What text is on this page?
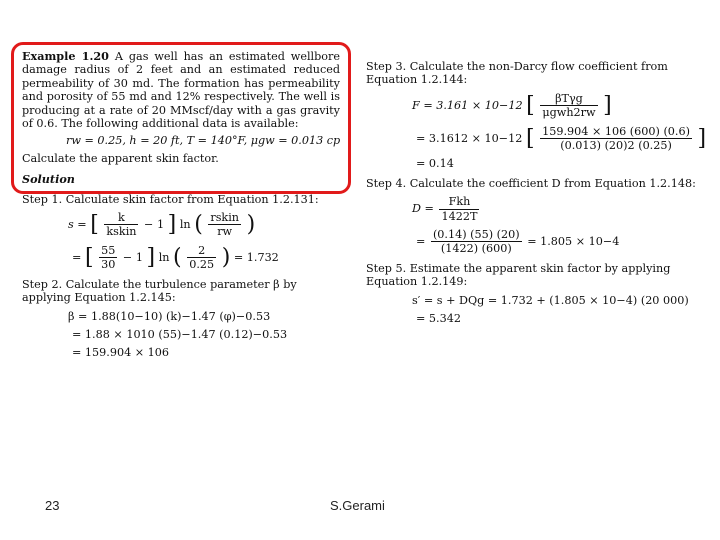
Example 1.20 A gas well has an estimated wellbore damage radius of 2 feet and an estimated reduced permeability of 30 md. The formation has permeability and porosity of 55 md and 12% respectively. The well is producing at a rate of 20 MMscf/day with a gas gravity of 0.6. The following additional data is available:

rw = 0.25, h = 20 ft, T = 140°F, μgw = 0.013 cp
Calculate the apparent skin factor.
Solution
Step 1. Calculate skin factor from Equation 1.2.131:
s = [ $\frac{k}{\text{kskin}} - 1$ ] ln ( $\frac{\text{rskin}}{rw}$ )
= [ $\frac{55}{30} - 1$ ] ln ( $\frac{2}{0.25}$ ) = 1.732
Step 2. Calculate the turbulence parameter β by applying Equation 1.2.145:
β = 1.88(10−10) (k)−1.47 (φ)−0.53
= 1.88 × 1010 (55)−1.47 (0.12)−0.53
= 159.904 × 106
Step 3. Calculate the non-Darcy flow coefficient from Equation 1.2.144:
F = 3.161 × 10−12 [ $\frac{\text{βTγg}}{\text{μgwh2rw}}$ ]
= 3.1612 × 10−12 [ $\frac{159.904 \times 106 (600) (0.6)}{(0.013) (20)2 (0.25)}$ ]
= 0.14
Step 4. Calculate the coefficient D from Equation 1.2.148:
$D = \frac{\text{Fkh}}{1422T}$
= $\frac{(0.14) (55) (20)}{(1422) (600)} = 1.805 \times 10-4$
Step 5. Estimate the apparent skin factor by applying Equation 1.2.149:
s′ = s + DQg = 1.732 + (1.805 × 10−4) (20 000)
= 5.342
23	S.Gerami
